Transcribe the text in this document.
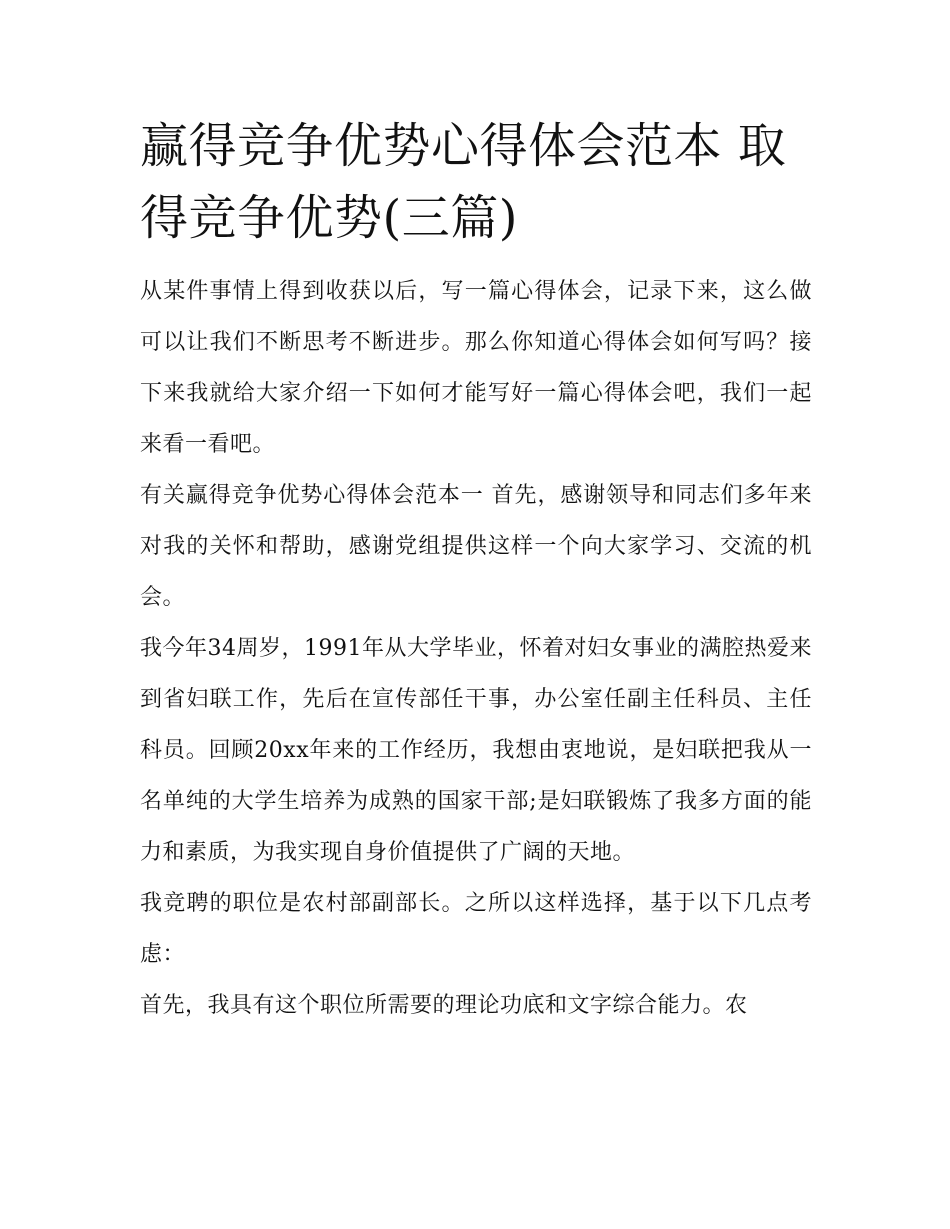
赢得竞争优势心得体会范本 取得竞争优势(三篇)

从某件事情上得到收获以后，写一篇心得体会，记录下来，这么做可以让我们不断思考不断进步。那么你知道心得体会如何写吗？接下来我就给大家介绍一下如何才能写好一篇心得体会吧，我们一起来看一看吧。

有关赢得竞争优势心得体会范本一 首先，感谢领导和同志们多年来对我的关怀和帮助，感谢党组提供这样一个向大家学习、交流的机会。

我今年34周岁，1991年从大学毕业，怀着对妇女事业的满腔热爱来到省妇联工作，先后在宣传部任干事，办公室任副主任科员、主任科员。回顾20xx年来的工作经历，我想由衷地说，是妇联把我从一名单纯的大学生培养为成熟的国家干部;是妇联锻炼了我多方面的能力和素质，为我实现自身价值提供了广阔的天地。

我竞聘的职位是农村部副部长。之所以这样选择，基于以下几点考虑：

首先，我具有这个职位所需要的理论功底和文字综合能力。农
